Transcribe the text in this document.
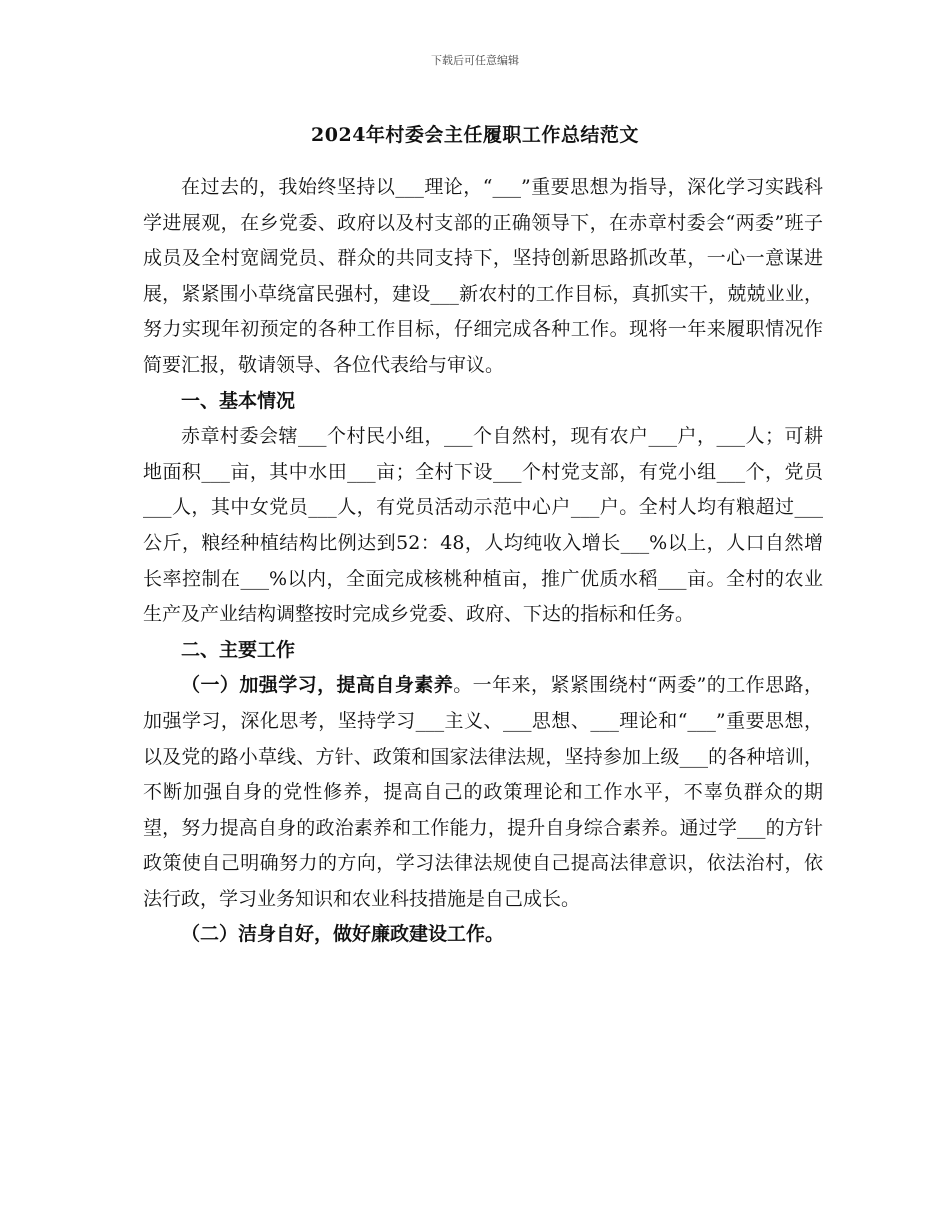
下载后可任意编辑
2024年村委会主任履职工作总结范文

在过去的，我始终坚持以___理论，“___”重要思想为指导，深化学习实践科学进展观，在乡党委、政府以及村支部的正确领导下，在赤章村委会“两委”班子成员及全村宽阔党员、群众的共同支持下，坚持创新思路抓改革，一心一意谋进展，紧紧围小草绕富民强村，建设___新农村的工作目标，真抓实干，兢兢业业，努力实现年初预定的各种工作目标，仔细完成各种工作。现将一年来履职情况作简要汇报，敬请领导、各位代表给与审议。

一、基本情况

赤章村委会辖___个村民小组，___个自然村，现有农户___户，___人；可耕地面积___亩，其中水田___亩；全村下设___个村党支部，有党小组___个，党员___人，其中女党员___人，有党员活动示范中心户___户。全村人均有粮超过___公斤，粮经种植结构比例达到52：48，人均纯收入增长___%以上，人口自然增长率控制在___%以内，全面完成核桃种植亩，推广优质水稻___亩。全村的农业生产及产业结构调整按时完成乡党委、政府、下达的指标和任务。

二、主要工作

（一）加强学习，提高自身素养。一年来，紧紧围绕村“两委”的工作思路，加强学习，深化思考，坚持学习___主义、___思想、___理论和“___”重要思想，以及党的路小草线、方针、政策和国家法律法规，坚持参加上级___的各种培训，不断加强自身的党性修养，提高自己的政策理论和工作水平，不辜负群众的期望，努力提高自身的政治素养和工作能力，提升自身综合素养。通过学___的方针政策使自己明确努力的方向，学习法律法规使自己提高法律意识，依法治村，依法行政，学习业务知识和农业科技措施是自己成长。

（二）洁身自好，做好廉政建设工作。
